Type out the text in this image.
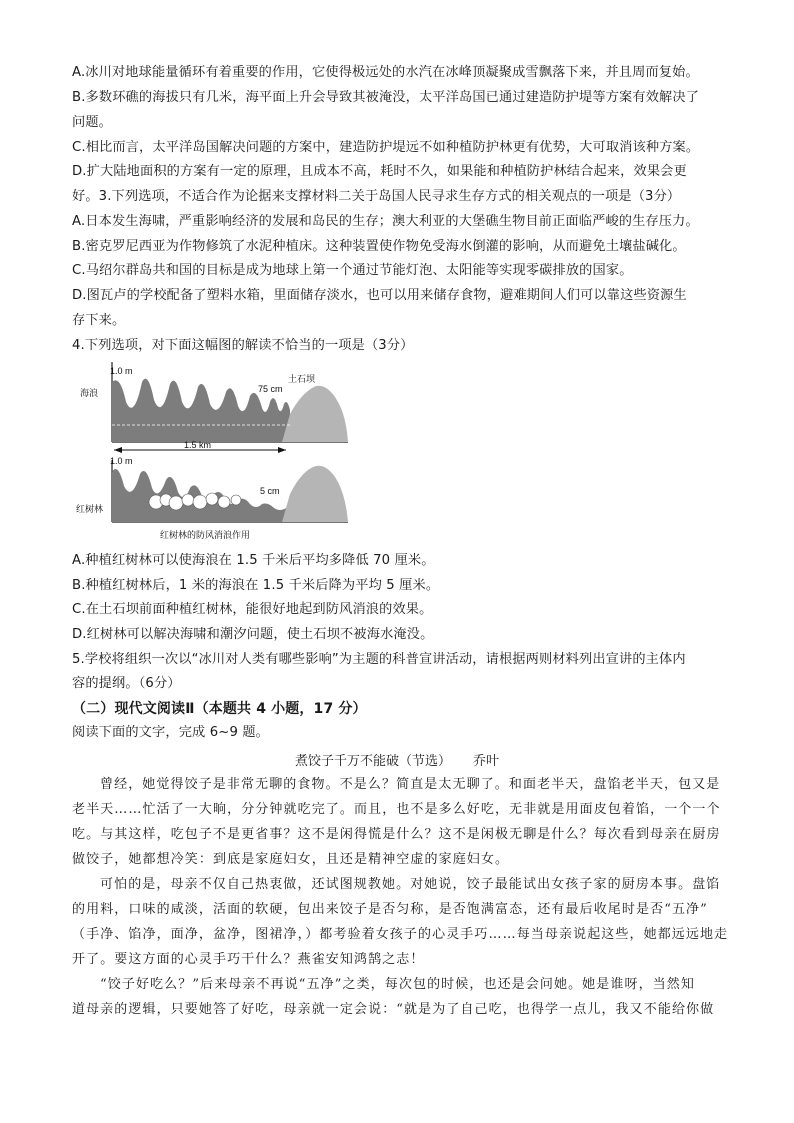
A.冰川对地球能量循环有着重要的作用，它使得极远处的水汽在冰峰顶凝聚成雪飘落下来，并且周而复始。
B.多数环礁的海拔只有几米，海平面上升会导致其被淹没，太平洋岛国已通过建造防护堤等方案有效解决了
问题。
C.相比而言，太平洋岛国解决问题的方案中，建造防护堤远不如种植防护林更有优势，大可取消该种方案。
D.扩大陆地面积的方案有一定的原理，且成本不高，耗时不久，如果能和种植防护林结合起来，效果会更
好。3.下列选项，不适合作为论据来支撑材料二关于岛国人民寻求生存方式的相关观点的一项是（3分）
A.日本发生海啸，严重影响经济的发展和岛民的生存；澳大利亚的大堡礁生物目前正面临严峻的生存压力。
B.密克罗尼西亚为作物修筑了水泥种植床。这种装置使作物免受海水倒灌的影响，从而避免土壤盐碱化。
C.马绍尔群岛共和国的目标是成为地球上第一个通过节能灯泡、太阳能等实现零碳排放的国家。
D.图瓦卢的学校配备了塑料水箱，里面储存淡水，也可以用来储存食物，避难期间人们可以靠这些资源生
存下来。
4.下列选项，对下面这幅图的解读不恰当的一项是（3分）
1.0 m
海浪	75 cm
土石坝
1.5 km
1.0 m
5 cm
红树林
红树林的防风消浪作用
A.种植红树林可以使海浪在 1.5 千米后平均多降低 70 厘米。
B.种植红树林后，1 米的海浪在 1.5 千米后降为平均 5 厘米。
C.在土石坝前面种植红树林，能很好地起到防风消浪的效果。
D.红树林可以解决海啸和潮汐问题，使土石坝不被海水淹没。
5.学校将组织一次以“冰川对人类有哪些影响”为主题的科普宣讲活动，请根据两则材料列出宣讲的主体内
容的提纲。（6分）
（二）现代文阅读Ⅱ（本题共 4 小题，17 分）
阅读下面的文字，完成 6~9 题。
煮饺子千万不能破（节选） 乔叶
曾经，她觉得饺子是非常无聊的食物。不是么？简直是太无聊了。和面老半天，盘馅老半天，包又是
老半天……忙活了一大晌，分分钟就吃完了。而且，也不是多么好吃，无非就是用面皮包着馅，一个一个
吃。与其这样，吃包子不是更省事？这不是闲得慌是什么？这不是闲极无聊是什么？每次看到母亲在厨房
做饺子，她都想冷笑：到底是家庭妇女，且还是精神空虚的家庭妇女。
可怕的是，母亲不仅自己热衷做，还试图规教她。对她说，饺子最能试出女孩子家的厨房本事。盘馅
的用料，口味的咸淡，活面的软硬，包出来饺子是否匀称，是否饱满富态，还有最后收尾时是否“五净”
（手净、馅净，面净，盆净，图裙净，）都考验着女孩子的心灵手巧……每当母亲说起这些，她都远远地走
开了。要这方面的心灵手巧干什么？燕雀安知鸿鹄之志！
“饺子好吃么？”后来母亲不再说“五净”之类，每次包的时候，也还是会问她。她是谁呀，当然知
道母亲的逻辑，只要她答了好吃，母亲就一定会说：“就是为了自己吃，也得学一点儿，我又不能给你做
